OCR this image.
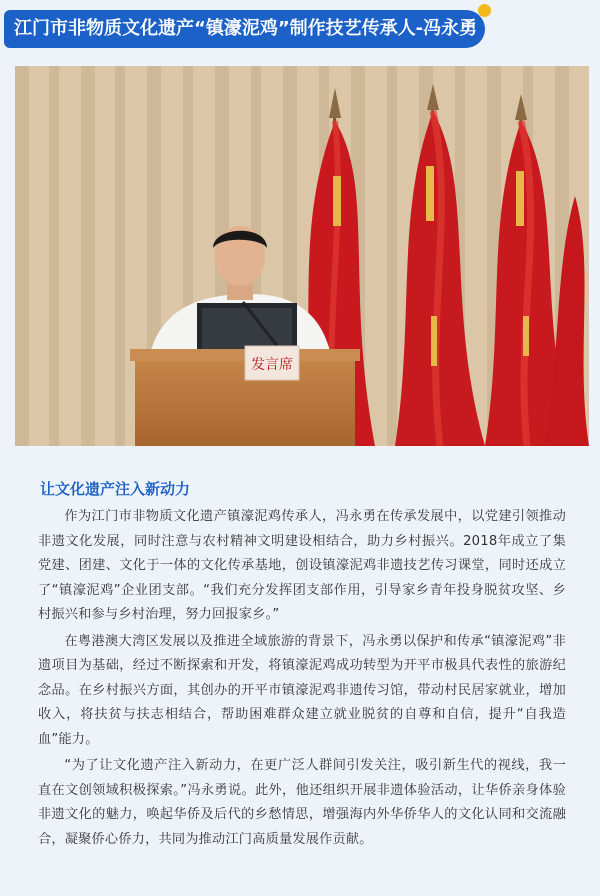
江门市非物质文化遗产“镇濠泥鸡”制作技艺传承人-冯永勇
发言席
让文化遗产注入新动力

作为江门市非物质文化遗产镇濠泥鸡传承人，冯永勇在传承发展中，以党建引领推动非遗文化发展，同时注意与农村精神文明建设相结合，助力乡村振兴。2018年成立了集党建、团建、文化于一体的文化传承基地，创设镇濠泥鸡非遗技艺传习课堂，同时还成立了“镇濠泥鸡”企业团支部。“我们充分发挥团支部作用，引导家乡青年投身脱贫攻坚、乡村振兴和参与乡村治理，努力回报家乡。”

在粤港澳大湾区发展以及推进全域旅游的背景下，冯永勇以保护和传承“镇濠泥鸡”非遗项目为基础，经过不断探索和开发，将镇濠泥鸡成功转型为开平市极具代表性的旅游纪念品。在乡村振兴方面，其创办的开平市镇濠泥鸡非遗传习馆，带动村民居家就业，增加收入，将扶贫与扶志相结合，帮助困难群众建立就业脱贫的自尊和自信，提升“自我造血”能力。

“为了让文化遗产注入新动力，在更广泛人群间引发关注，吸引新生代的视线，我一直在文创领域积极探索。”冯永勇说。此外，他还组织开展非遗体验活动，让华侨亲身体验非遗文化的魅力，唤起华侨及后代的乡愁情思，增强海内外华侨华人的文化认同和交流融合，凝聚侨心侨力，共同为推动江门高质量发展作贡献。
